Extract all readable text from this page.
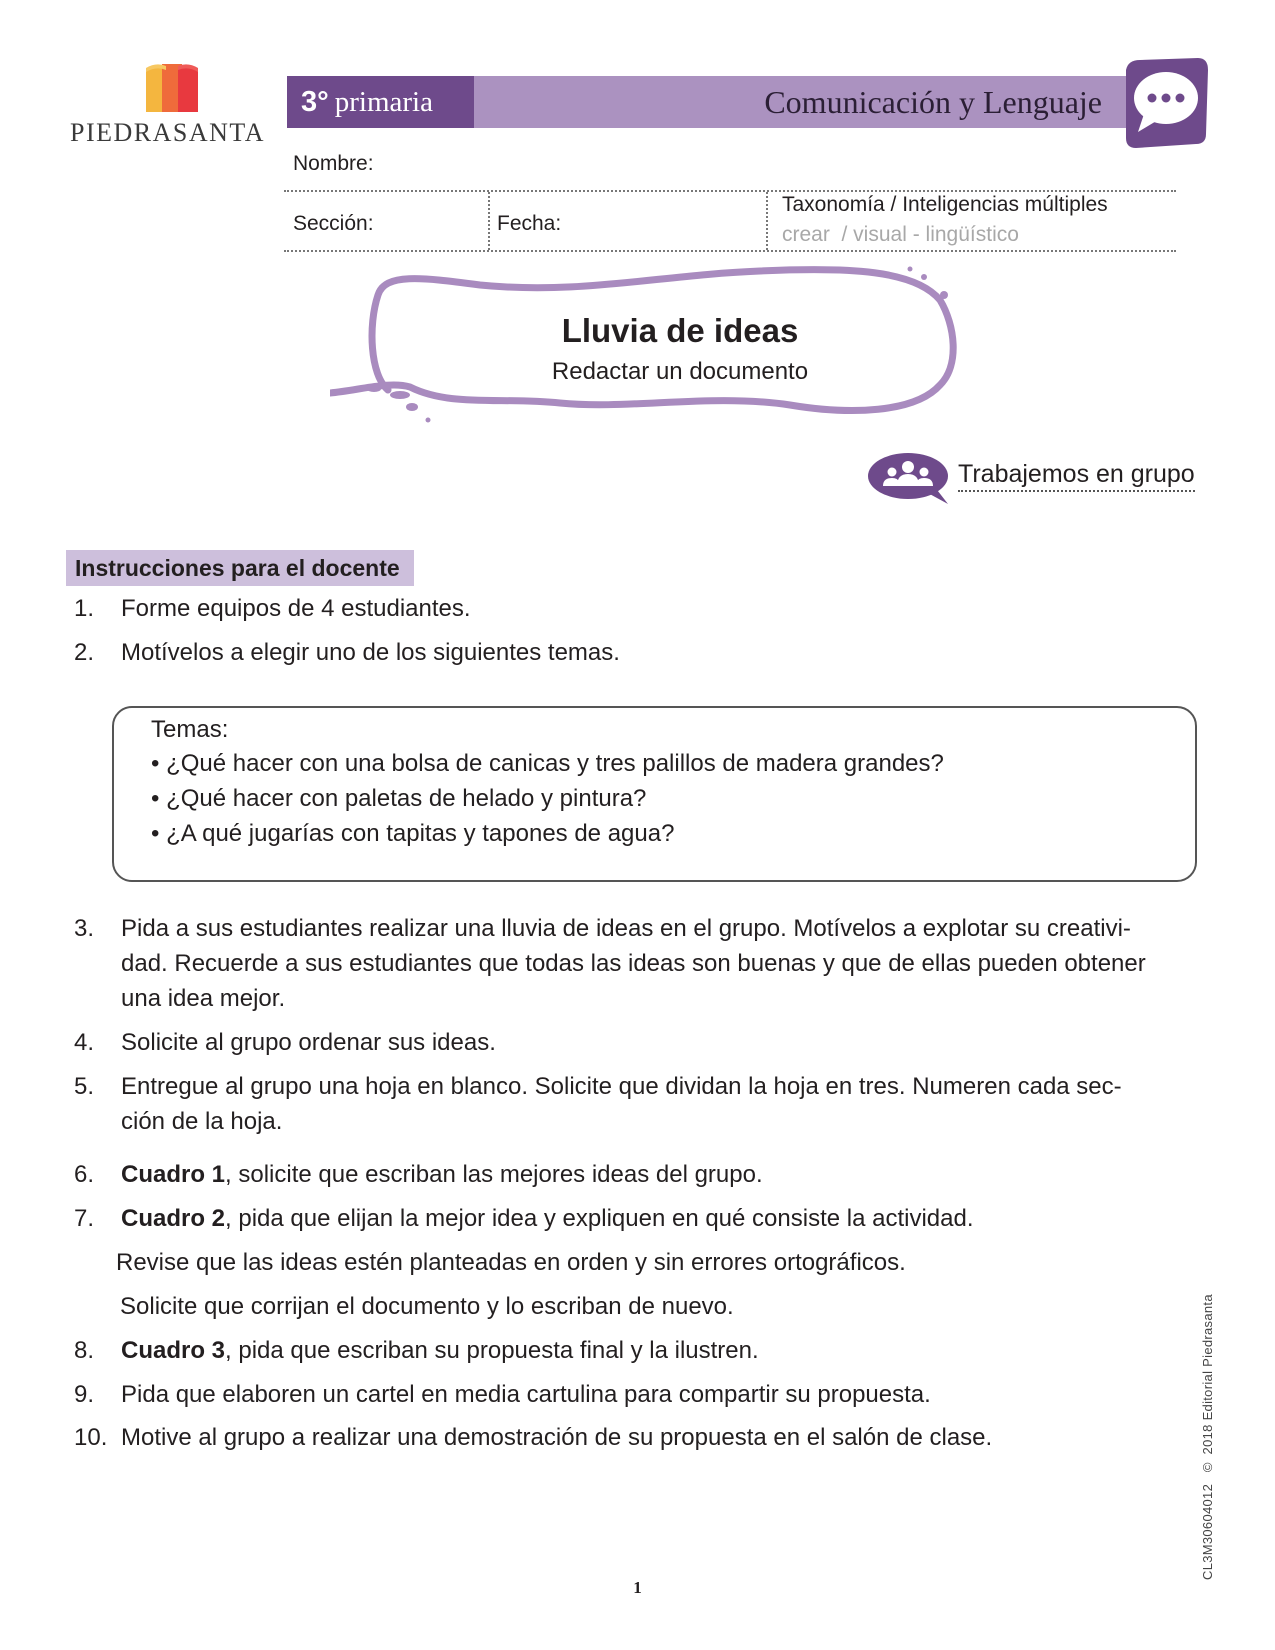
PIEDRASANTA
3° primaria	Comunicación y Lenguaje
Nombre:
Sección:	Fecha:
Taxonomía / Inteligencias múltiples
crear  / visual - lingüístico
Lluvia de ideas
Redactar un documento
Trabajemos en grupo
Instrucciones para el docente
1.	Forme equipos de 4 estudiantes.
2.	Motívelos a elegir uno de los siguientes temas.
Temas:
• ¿Qué hacer con una bolsa de canicas y tres palillos de madera grandes?
• ¿Qué hacer con paletas de helado y pintura?
• ¿A qué jugarías con tapitas y tapones de agua?
3.	Pida a sus estudiantes realizar una lluvia de ideas en el grupo. Motívelos a explotar su creativi-
dad. Recuerde a sus estudiantes que todas las ideas son buenas y que de ellas pueden obtener
una idea mejor.
4.	Solicite al grupo ordenar sus ideas.
5.	Entregue al grupo una hoja en blanco. Solicite que dividan la hoja en tres. Numeren cada sec-
ción de la hoja.
6.	Cuadro 1, solicite que escriban las mejores ideas del grupo.
7.	Cuadro 2, pida que elijan la mejor idea y expliquen en qué consiste la actividad.
Revise que las ideas estén planteadas en orden y sin errores ortográficos.
Solicite que corrijan el documento y lo escriban de nuevo.
8.	Cuadro 3, pida que escriban su propuesta final y la ilustren.
9.	Pida que elaboren un cartel en media cartulina para compartir su propuesta.
10. Motive al grupo a realizar una demostración de su propuesta en el salón de clase.	CL3M30604012   ©  2018 Editorial Piedrasanta
1
